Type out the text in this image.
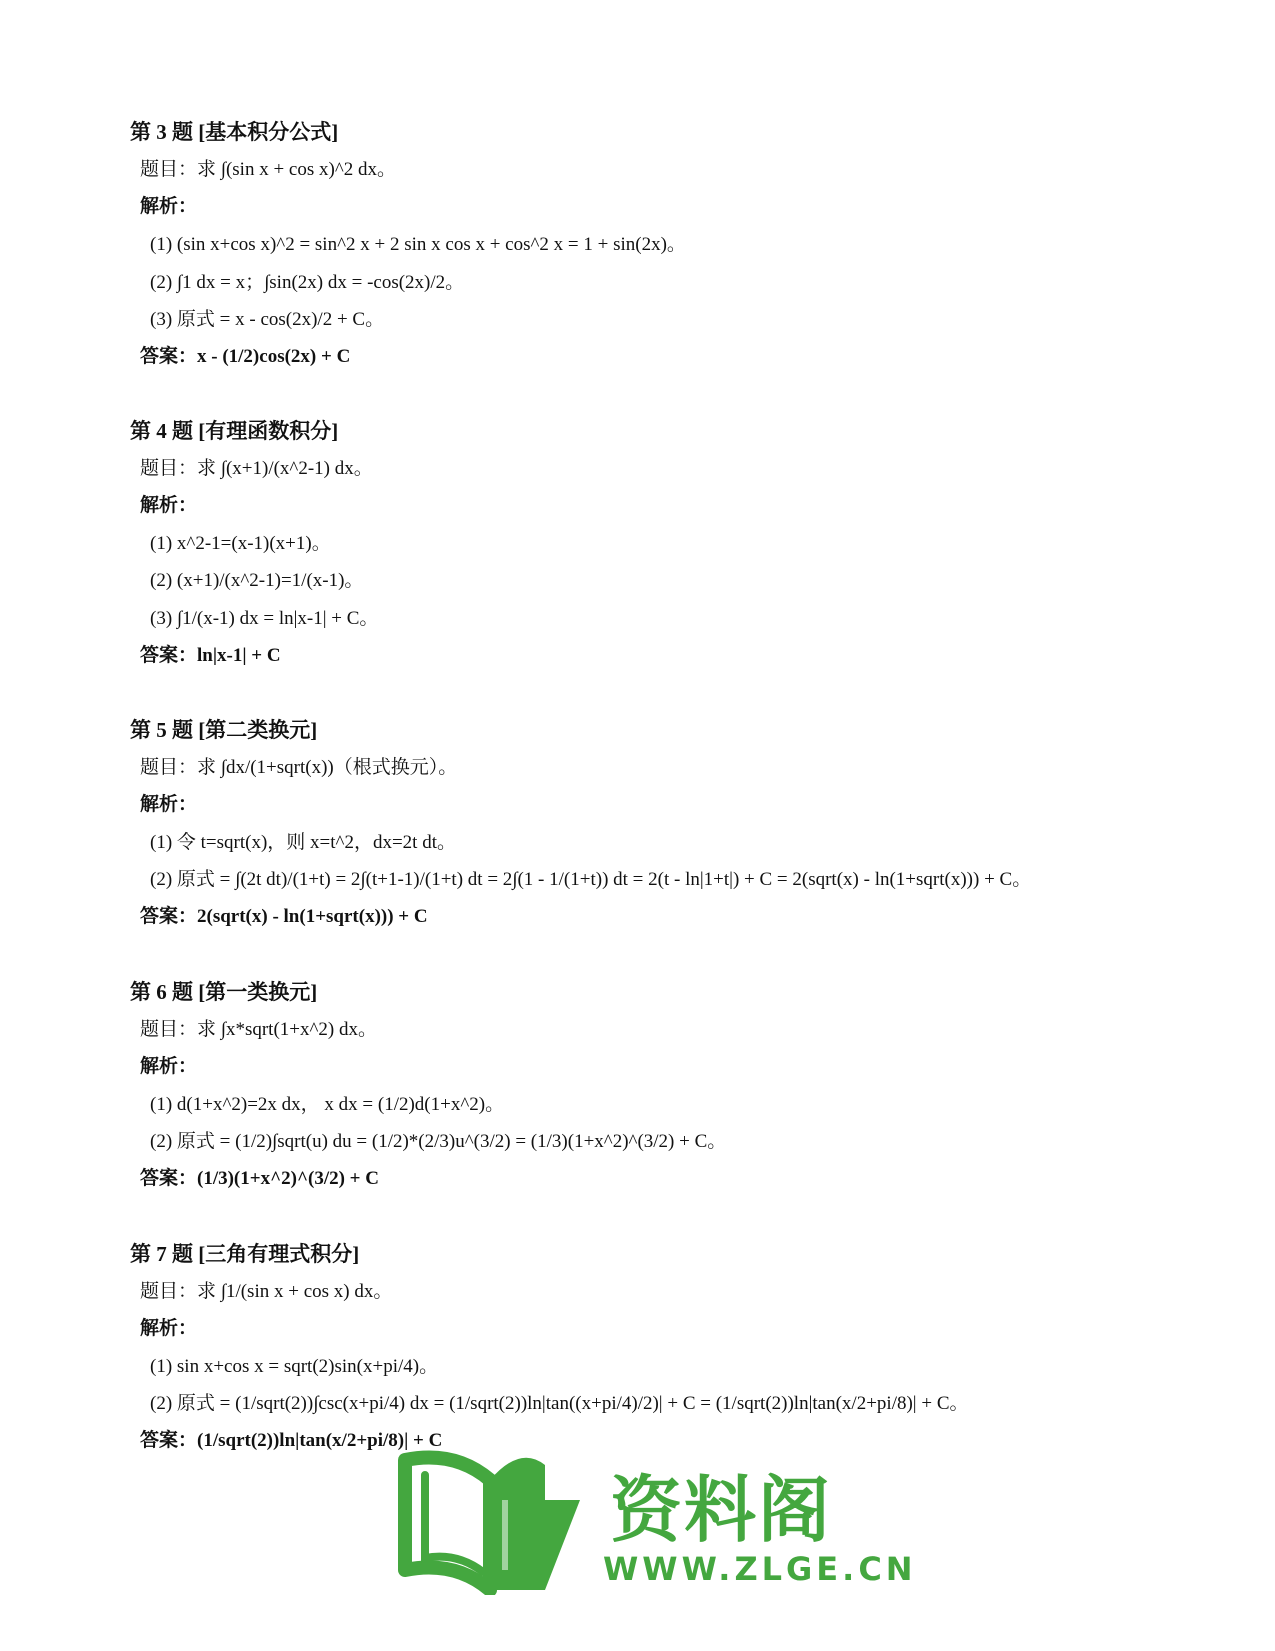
第 3 题 [基本积分公式]
题目：求 ∫(sin x + cos x)^2 dx。
解析：
(1) (sin x+cos x)^2 = sin^2 x + 2 sin x cos x + cos^2 x = 1 + sin(2x)。
(2) ∫1 dx = x；∫sin(2x) dx = -cos(2x)/2。
(3) 原式 = x - cos(2x)/2 + C。
答案：x - (1/2)cos(2x) + C
第 4 题 [有理函数积分]
题目：求 ∫(x+1)/(x^2-1) dx。
解析：
(1) x^2-1=(x-1)(x+1)。
(2) (x+1)/(x^2-1)=1/(x-1)。
(3) ∫1/(x-1) dx = ln|x-1| + C。
答案：ln|x-1| + C
第 5 题 [第二类换元]
题目：求 ∫dx/(1+sqrt(x))（根式换元）。
解析：
(1) 令 t=sqrt(x)，则 x=t^2，dx=2t dt。
(2) 原式 = ∫(2t dt)/(1+t) = 2∫(t+1-1)/(1+t) dt = 2∫(1 - 1/(1+t)) dt = 2(t - ln|1+t|) + C = 2(sqrt(x) - ln(1+sqrt(x))) + C。
答案：2(sqrt(x) - ln(1+sqrt(x))) + C
第 6 题 [第一类换元]
题目：求 ∫x*sqrt(1+x^2) dx。
解析：
(1) d(1+x^2)=2x dx， x dx = (1/2)d(1+x^2)。
(2) 原式 = (1/2)∫sqrt(u) du = (1/2)*(2/3)u^(3/2) = (1/3)(1+x^2)^(3/2) + C。
答案：(1/3)(1+x^2)^(3/2) + C
第 7 题 [三角有理式积分]
题目：求 ∫1/(sin x + cos x) dx。
解析：
(1) sin x+cos x = sqrt(2)sin(x+pi/4)。
(2) 原式 = (1/sqrt(2))∫csc(x+pi/4) dx = (1/sqrt(2))ln|tan((x+pi/4)/2)| + C = (1/sqrt(2))ln|tan(x/2+pi/8)| + C。
答案：(1/sqrt(2))ln|tan(x/2+pi/8)| + C
资料阁
WWW.ZLGE.CN
